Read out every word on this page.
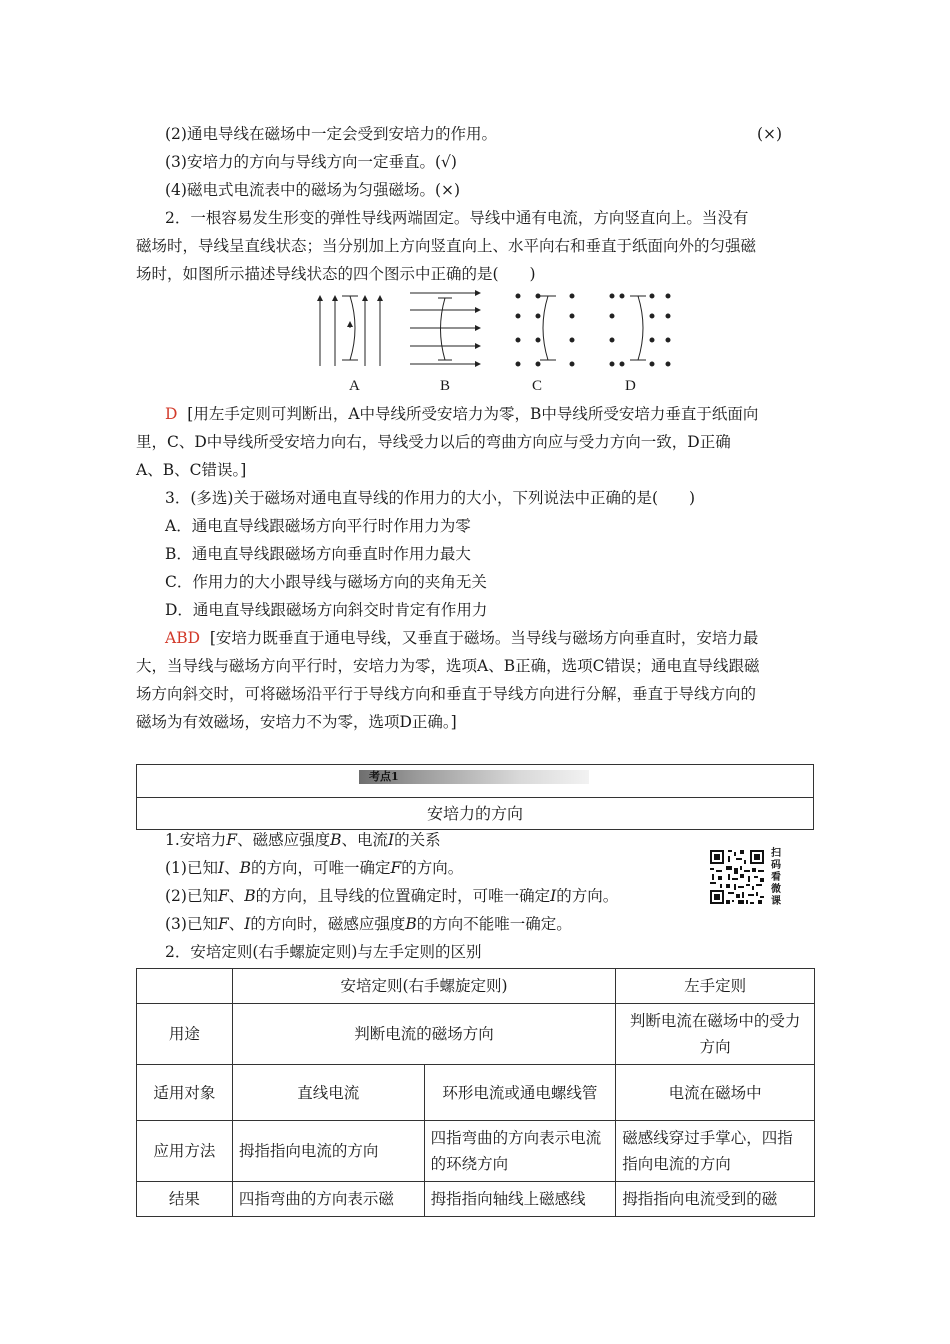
(2)通电导线在磁场中一定会受到安培力的作用。	(×)
(3)安培力的方向与导线方向一定垂直。(√)
(4)磁电式电流表中的磁场为匀强磁场。(×)
2．一根容易发生形变的弹性导线两端固定。导线中通有电流，方向竖直向上。当没有
磁场时，导线呈直线状态；当分别加上方向竖直向上、水平向右和垂直于纸面向外的匀强磁
场时，如图所示描述导线状态的四个图示中正确的是(　　)
A	B	C	D
D [用左手定则可判断出，A中导线所受安培力为零，B中导线所受安培力垂直于纸面向
里，C、D中导线所受安培力向右，导线受力以后的弯曲方向应与受力方向一致，D正确
A、B、C错误。]
3．(多选)关于磁场对通电直导线的作用力的大小，下列说法中正确的是(　　)
A．通电直导线跟磁场方向平行时作用力为零
B．通电直导线跟磁场方向垂直时作用力最大
C．作用力的大小跟导线与磁场方向的夹角无关
D．通电直导线跟磁场方向斜交时肯定有作用力
ABD [安培力既垂直于通电导线，又垂直于磁场。当导线与磁场方向垂直时，安培力最
大，当导线与磁场方向平行时，安培力为零，选项A、B正确，选项C错误；通电直导线跟磁
场方向斜交时，可将磁场沿平行于导线方向和垂直于导线方向进行分解，垂直于导线方向的
磁场为有效磁场，安培力不为零，选项D正确。]
考点1
安培力的方向
1.安培力F、磁感应强度B、电流I的关系
(1)已知I、B的方向，可唯一确定F的方向。
(2)已知F、B的方向，且导线的位置确定时，可唯一确定I的方向。
(3)已知F、I的方向时，磁感应强度B的方向不能唯一确定。
扫码看微课
2．安培定则(右手螺旋定则)与左手定则的区别
	安培定则(右手螺旋定则)		左手定则
用途	判断电流的磁场方向		判断电流在磁场中的受力方向
适用对象	直线电流	环形电流或通电螺线管	电流在磁场中
应用方法	拇指指向电流的方向	四指弯曲的方向表示电流的环绕方向	磁感线穿过手掌心，四指指向电流的方向
结果	四指弯曲的方向表示磁	拇指指向轴线上磁感线	拇指指向电流受到的磁
